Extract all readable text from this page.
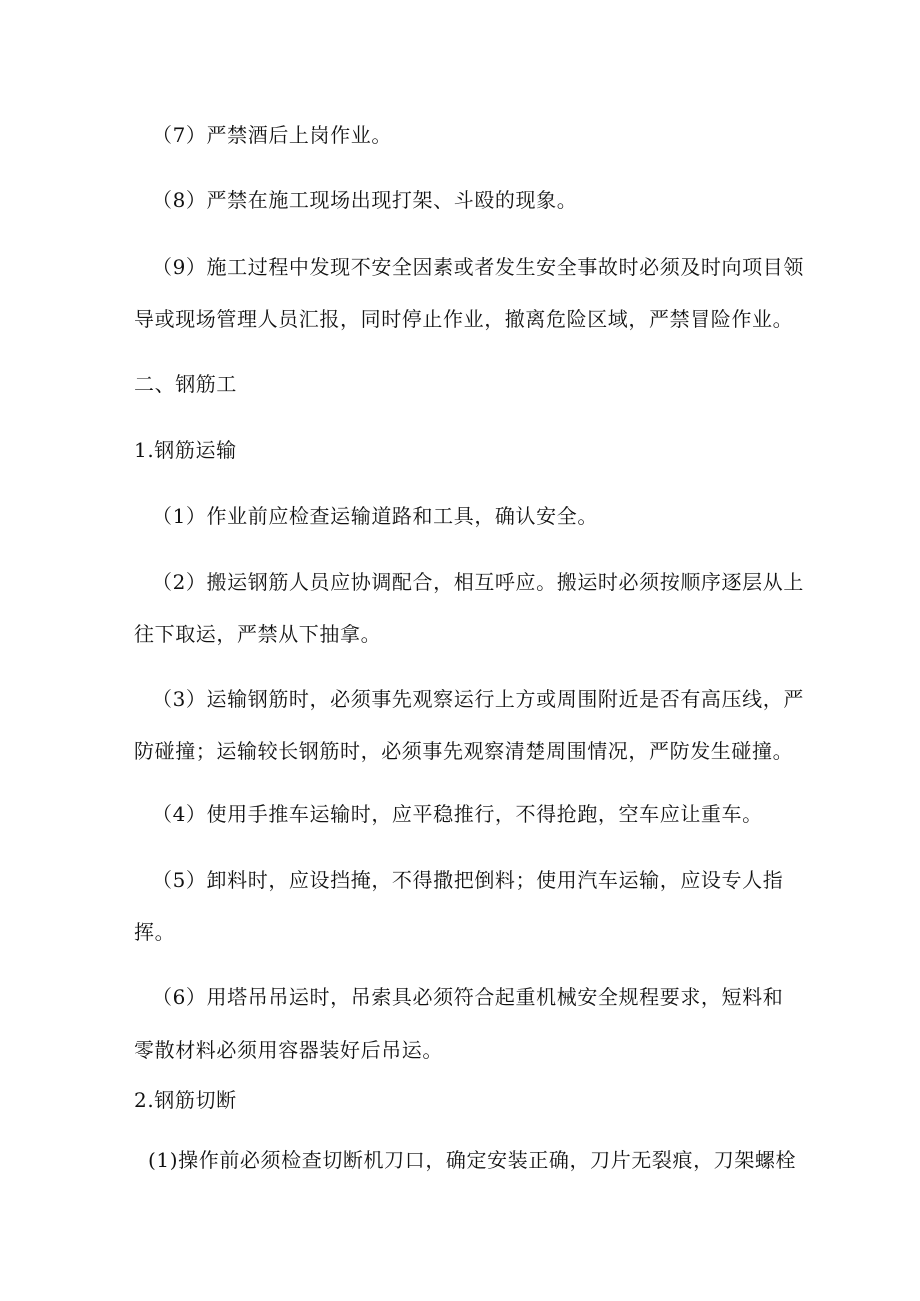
（7）严禁酒后上岗作业。
（8）严禁在施工现场出现打架、斗殴的现象。
（9）施工过程中发现不安全因素或者发生安全事故时必须及时向项目领
导或现场管理人员汇报，同时停止作业，撤离危险区域，严禁冒险作业。
二、钢筋工
1.钢筋运输
（1）作业前应检查运输道路和工具，确认安全。
（2）搬运钢筋人员应协调配合，相互呼应。搬运时必须按顺序逐层从上
往下取运，严禁从下抽拿。
（3）运输钢筋时，必须事先观察运行上方或周围附近是否有高压线，严
防碰撞；运输较长钢筋时，必须事先观察清楚周围情况，严防发生碰撞。
（4）使用手推车运输时，应平稳推行，不得抢跑，空车应让重车。
（5）卸料时，应设挡掩，不得撒把倒料；使用汽车运输，应设专人指
挥。
（6）用塔吊吊运时，吊索具必须符合起重机械安全规程要求，短料和
零散材料必须用容器装好后吊运。
2.钢筋切断
(1)操作前必须检查切断机刀口，确定安装正确，刀片无裂痕，刀架螺栓
